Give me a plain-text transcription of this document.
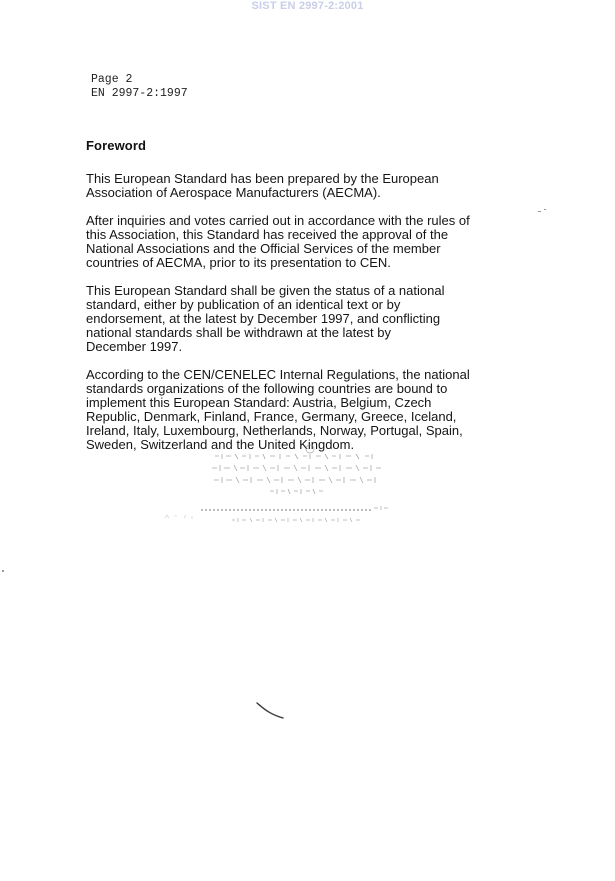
SIST EN 2997-2:2001
Page 2
EN 2997-2:1997
Foreword

This European Standard has been prepared by the European
Association of Aerospace Manufacturers (AECMA).

After inquiries and votes carried out in accordance with the rules of
this Association, this Standard has received the approval of the
National Associations and the Official Services of the member
countries of AECMA, prior to its presentation to CEN.

This European Standard shall be given the status of a national
standard, either by publication of an identical text or by
endorsement, at the latest by December 1997, and conflicting
national standards shall be withdrawn at the latest by
December 1997.

According to the CEN/CENELEC Internal Regulations, the national
standards organizations of the following countries are bound to
implement this European Standard: Austria, Belgium, Czech
Republic, Denmark, Finland, France, Germany, Greece, Iceland,
Ireland, Italy, Luxembourg, Netherlands, Norway, Portugal, Spain,
Sweden, Switzerland and the United Kingdom.
